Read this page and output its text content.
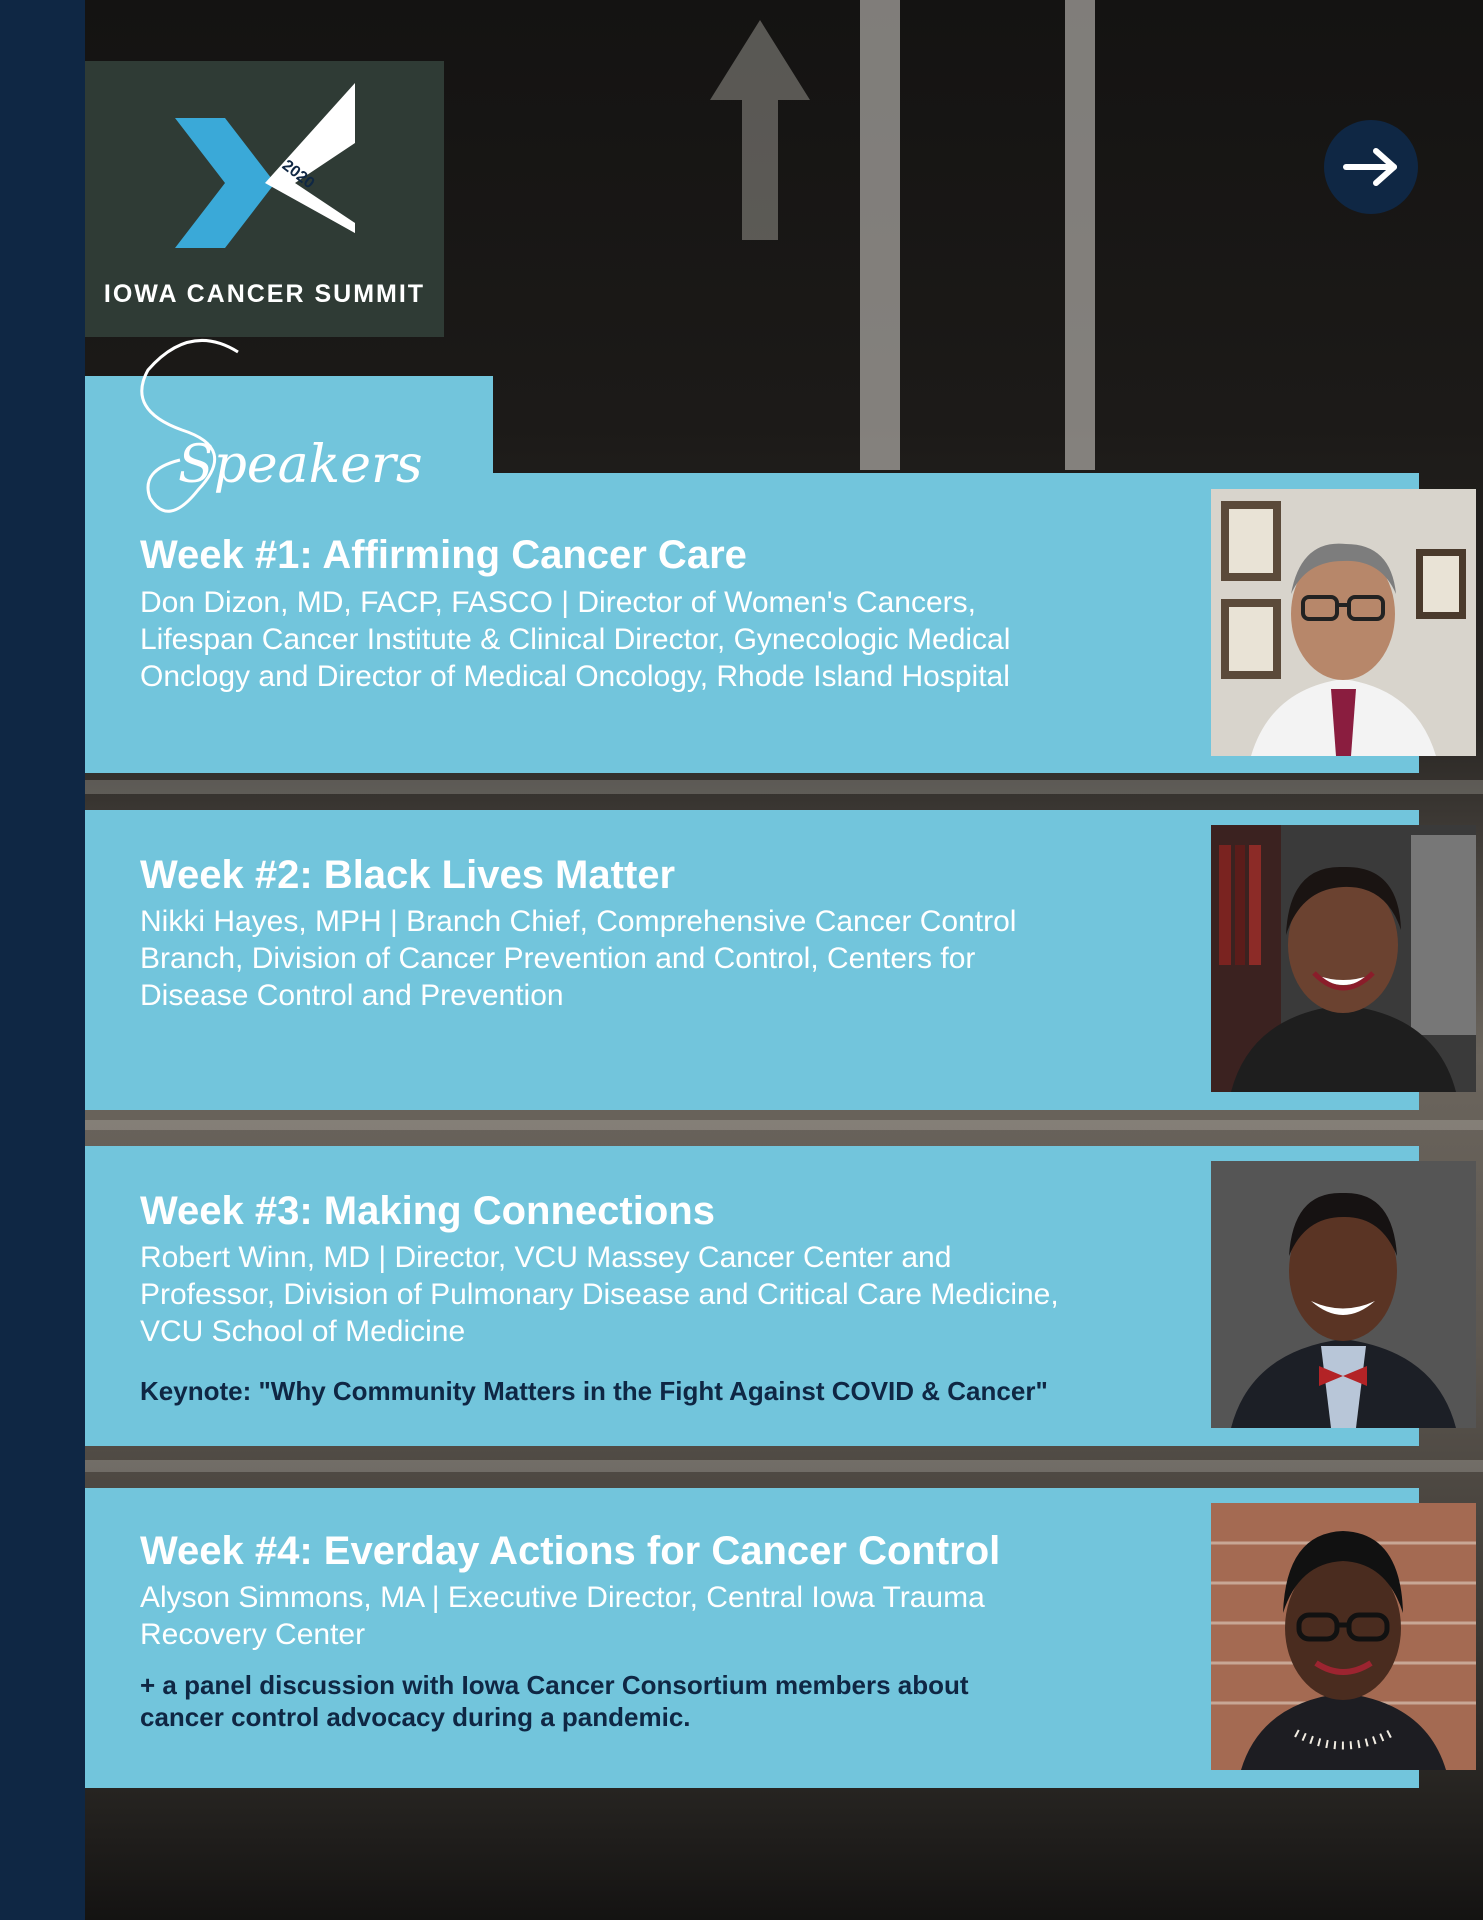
2020
IOWA CANCER SUMMIT
Week #1: Affirming Cancer Care
Don Dizon, MD, FACP, FASCO | Director of Women's Cancers, Lifespan Cancer Institute & Clinical Director, Gynecologic Medical Onclogy and Director of Medical Oncology, Rhode Island Hospital
Week #2: Black Lives Matter
Nikki Hayes, MPH | Branch Chief, Comprehensive Cancer Control Branch, Division of Cancer Prevention and Control, Centers for Disease Control and Prevention
Week #3: Making Connections
Robert Winn, MD | Director, VCU Massey Cancer Center and Professor, Division of Pulmonary Disease and Critical Care Medicine, VCU School of Medicine
Keynote: "Why Community Matters in the Fight Against COVID & Cancer"
Week #4: Everday Actions for Cancer Control
Alyson Simmons, MA | Executive Director, Central Iowa Trauma Recovery Center
+ a panel discussion with Iowa Cancer Consortium members about cancer control advocacy during a pandemic.
Speakers
